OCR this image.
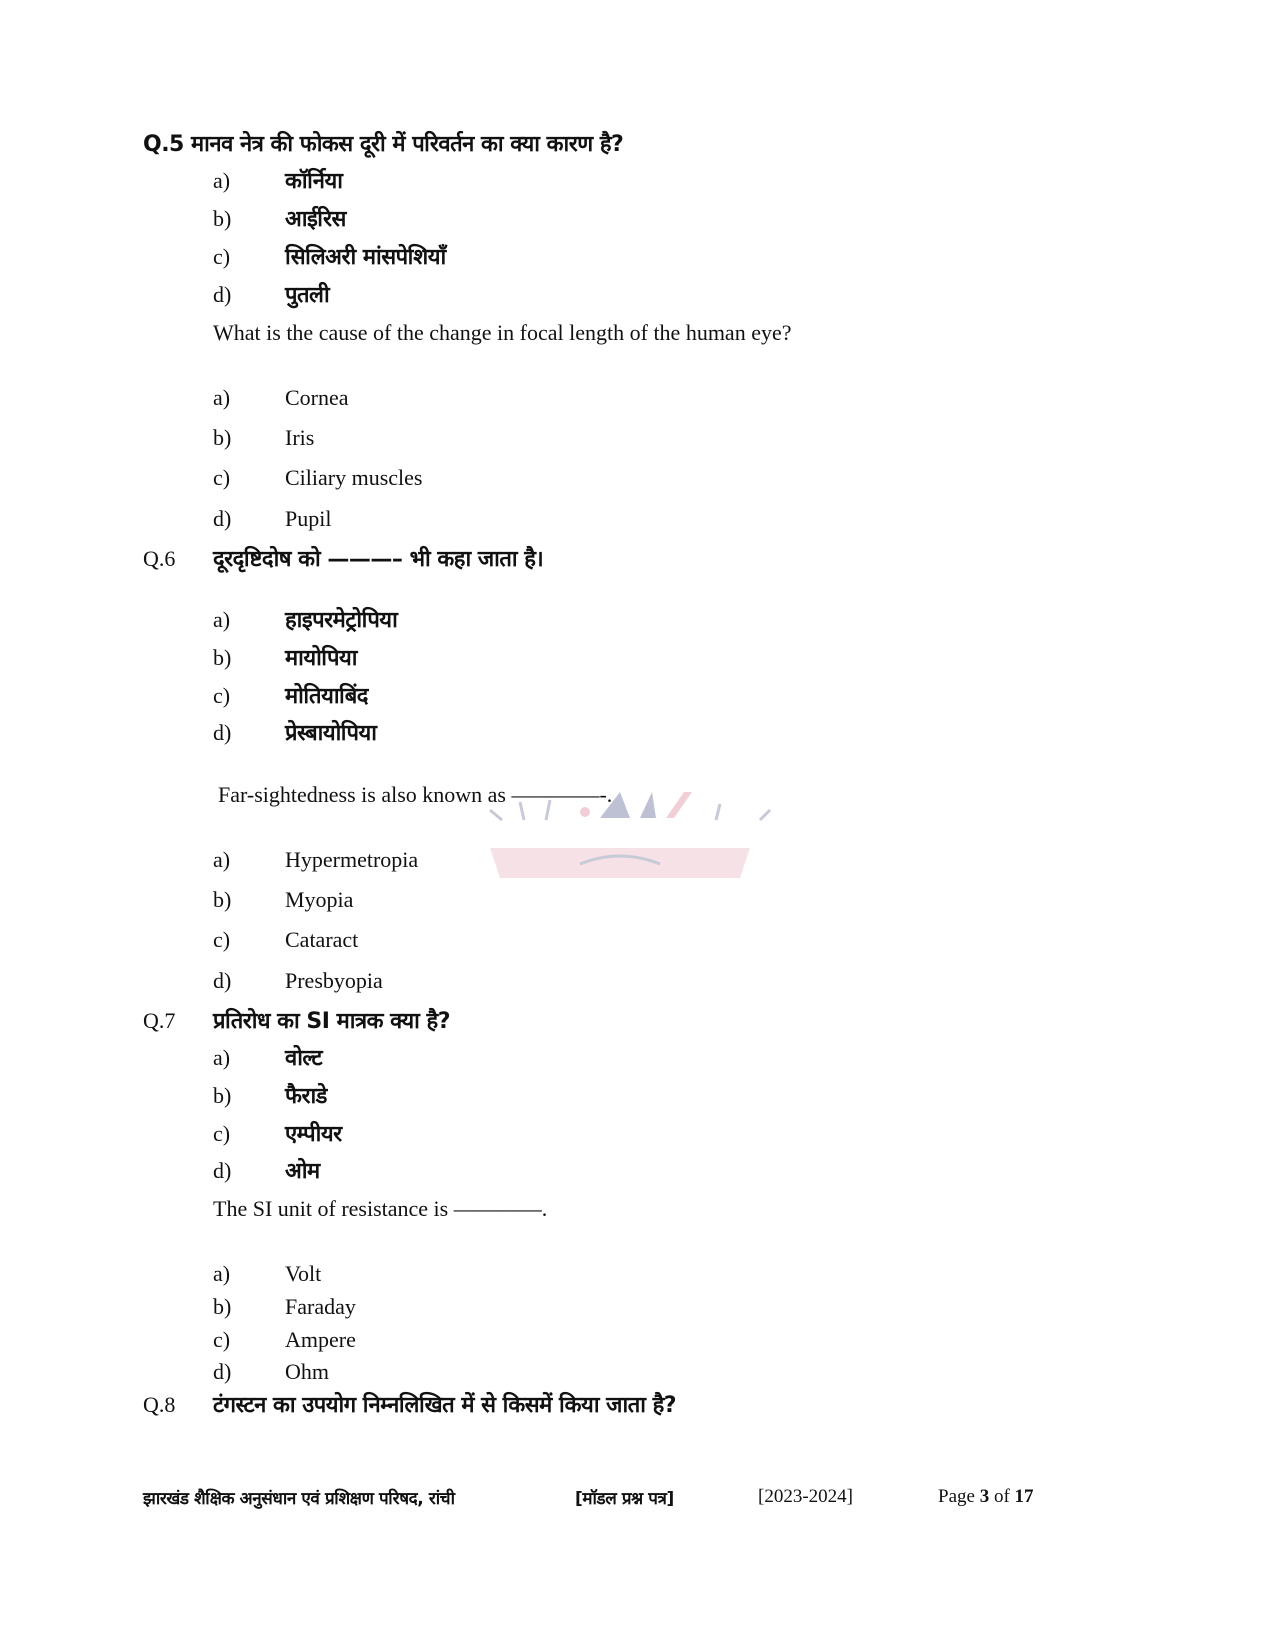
Q.5 मानव नेत्र की फोकस दूरी में परिवर्तन का क्या कारण है?
a) कॉर्निया
b) आईरिस
c) सिलिअरी मांसपेशियाँ
d) पुतली
What is the cause of the change in focal length of the human eye?
a) Cornea
b) Iris
c) Ciliary muscles
d) Pupil
Q.6 दूरदृष्टिदोष को ———– भी कहा जाता है।
a) हाइपरमेट्रोपिया
b) मायोपिया
c) मोतियाबिंद
d) प्रेस्बायोपिया
Far-sightedness is also known as ————-.
a) Hypermetropia
b) Myopia
c) Cataract
d) Presbyopia
Q.7 प्रतिरोध का SI मात्रक क्या है?
a) वोल्ट
b) फैराडे
c) एम्पीयर
d) ओम
The SI unit of resistance is ————.
a) Volt
b) Faraday
c) Ampere
d) Ohm
Q.8 टंगस्टन का उपयोग निम्नलिखित में से किसमें किया जाता है?
झारखंड शैक्षिक अनुसंधान एवं प्रशिक्षण परिषद, रांची	[मॉडल प्रश्न पत्र]	[2023-2024]	Page 3 of 17
